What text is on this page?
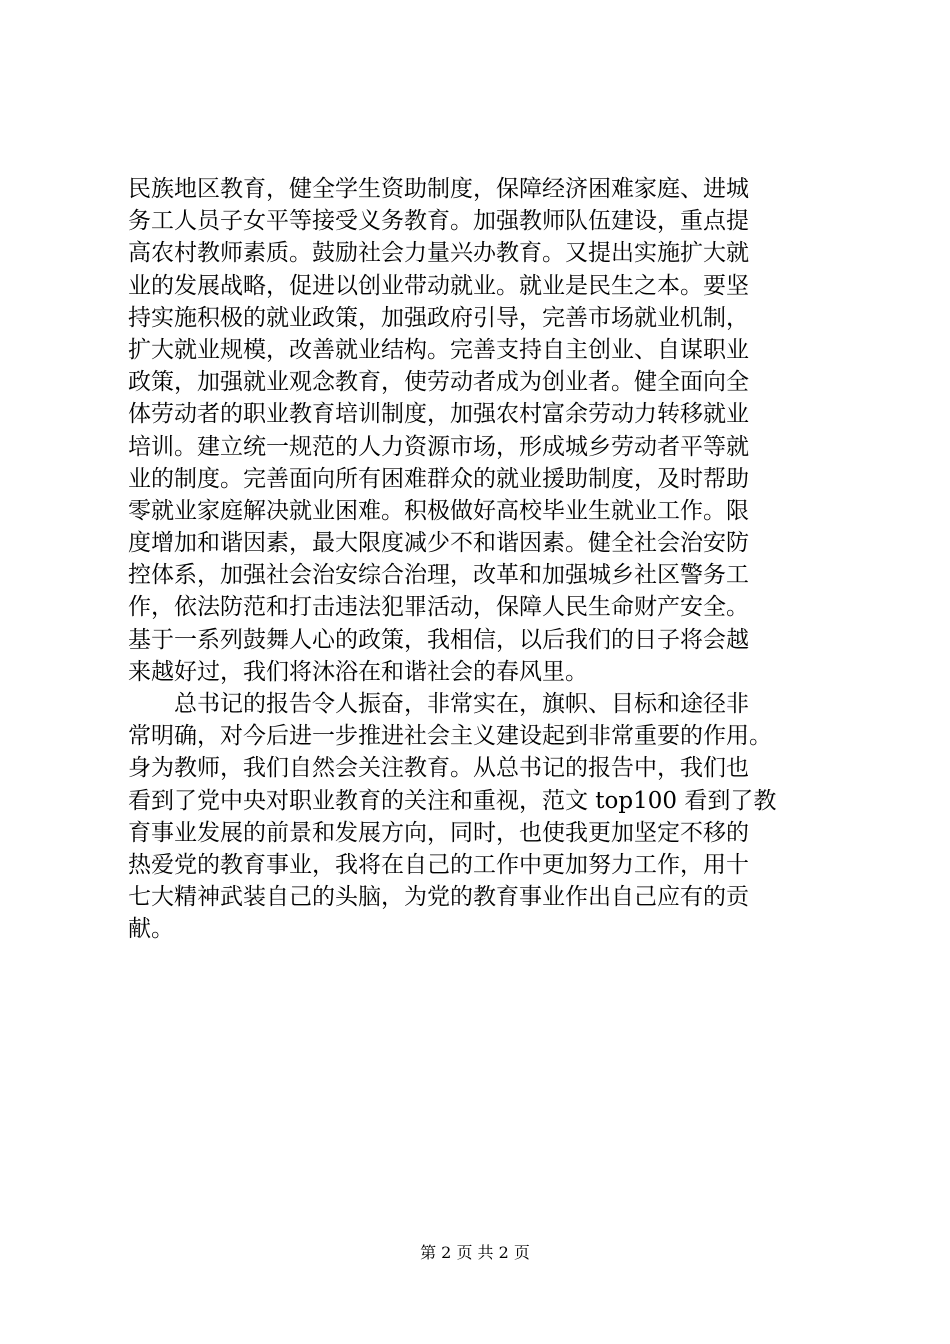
民族地区教育，健全学生资助制度，保障经济困难家庭、进城
务工人员子女平等接受义务教育。加强教师队伍建设，重点提
高农村教师素质。鼓励社会力量兴办教育。又提出实施扩大就
业的发展战略，促进以创业带动就业。就业是民生之本。要坚
持实施积极的就业政策，加强政府引导，完善市场就业机制，
扩大就业规模，改善就业结构。完善支持自主创业、自谋职业
政策，加强就业观念教育，使劳动者成为创业者。健全面向全
体劳动者的职业教育培训制度，加强农村富余劳动力转移就业
培训。建立统一规范的人力资源市场，形成城乡劳动者平等就
业的制度。完善面向所有困难群众的就业援助制度，及时帮助
零就业家庭解决就业困难。积极做好高校毕业生就业工作。限
度增加和谐因素，最大限度减少不和谐因素。健全社会治安防
控体系，加强社会治安综合治理，改革和加强城乡社区警务工
作，依法防范和打击违法犯罪活动，保障人民生命财产安全。
基于一系列鼓舞人心的政策，我相信，以后我们的日子将会越
来越好过，我们将沐浴在和谐社会的春风里。
总书记的报告令人振奋，非常实在，旗帜、目标和途径非
常明确，对今后进一步推进社会主义建设起到非常重要的作用。
身为教师，我们自然会关注教育。从总书记的报告中，我们也
看到了党中央对职业教育的关注和重视，范文 top100 看到了教
育事业发展的前景和发展方向，同时，也使我更加坚定不移的
热爱党的教育事业，我将在自己的工作中更加努力工作，用十
七大精神武装自己的头脑，为党的教育事业作出自己应有的贡
献。
第 2 页 共 2 页
